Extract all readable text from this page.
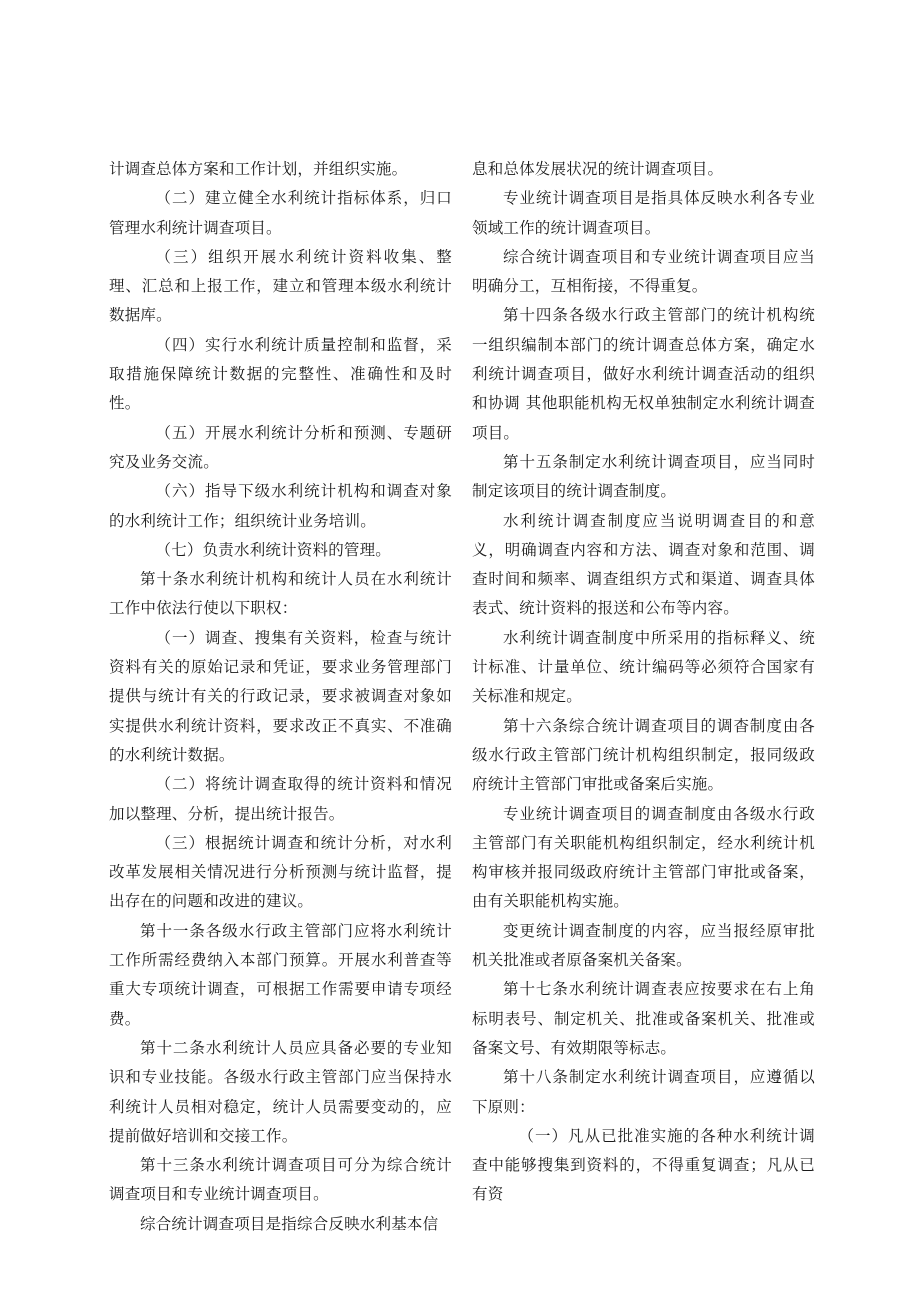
计调查总体方案和工作计划，并组织实施。

（二）建立健全水利统计指标体系，归口管理水利统计调查项目。

（三）组织开展水利统计资料收集、整理、汇总和上报工作，建立和管理本级水利统计数据库。

（四）实行水利统计质量控制和监督，采取措施保障统计数据的完整性、准确性和及时性。

（五）开展水利统计分析和预测、专题研究及业务交流。

（六）指导下级水利统计机构和调查对象的水利统计工作；组织统计业务培训。

（七）负责水利统计资料的管理。

第十条水利统计机构和统计人员在水利统计工作中依法行使以下职权：

（一）调查、搜集有关资料，检查与统计资料有关的原始记录和凭证，要求业务管理部门提供与统计有关的行政记录，要求被调查对象如实提供水利统计资料，要求改正不真实、不准确的水利统计数据。

（二）将统计调查取得的统计资料和情况加以整理、分析，提出统计报告。

（三）根据统计调查和统计分析，对水利改革发展相关情况进行分析预测与统计监督，提出存在的问题和改进的建议。

第十一条各级水行政主管部门应将水利统计工作所需经费纳入本部门预算。开展水利普查等重大专项统计调查，可根据工作需要申请专项经费。

第十二条水利统计人员应具备必要的专业知识和专业技能。各级水行政主管部门应当保持水利统计人员相对稳定，统计人员需要变动的，应提前做好培训和交接工作。

第十三条水利统计调查项目可分为综合统计调查项目和专业统计调查项目。

综合统计调查项目是指综合反映水利基本信

息和总体发展状况的统计调查项目。

专业统计调查项目是指具体反映水利各专业领域工作的统计调查项目。

综合统计调查项目和专业统计调查项目应当明确分工，互相衔接，不得重复。

第十四条各级水行政主管部门的统计机构统一组织编制本部门的统计调查总体方案，确定水利统计调查项目，做好水利统计调查活动的组织和协调 其他职能机构无权单独制定水利统计调查项目。

第十五条制定水利统计调查项目，应当同时制定该项目的统计调查制度。

水利统计调查制度应当说明调查目的和意义，明确调查内容和方法、调查对象和范围、调查时间和频率、调查组织方式和渠道、调查具体表式、统计资料的报送和公布等内容。

水利统计调查制度中所采用的指标释义、统计标准、计量单位、统计编码等必须符合国家有关标准和规定。

第十六条综合统计调查项目的调杳制度由各级水行政主管部门统计机构组织制定，报同级政府统计主管部门审批或备案后实施。

专业统计调查项目的调查制度由各级水行政主管部门有关职能机构组织制定，经水利统计机构审核并报同级政府统计主管部门审批或备案，由有关职能机构实施。

变更统计调查制度的内容，应当报经原审批机关批准或者原备案机关备案。

第十七条水利统计调查表应按要求在右上角标明表号、制定机关、批准或备案机关、批准或备案文号、有效期限等标志。

第十八条制定水利统计调查项目，应遵循以下原则：

（一）凡从已批准实施的各种水利统计调查中能够搜集到资料的，不得重复调查；凡从已有资
